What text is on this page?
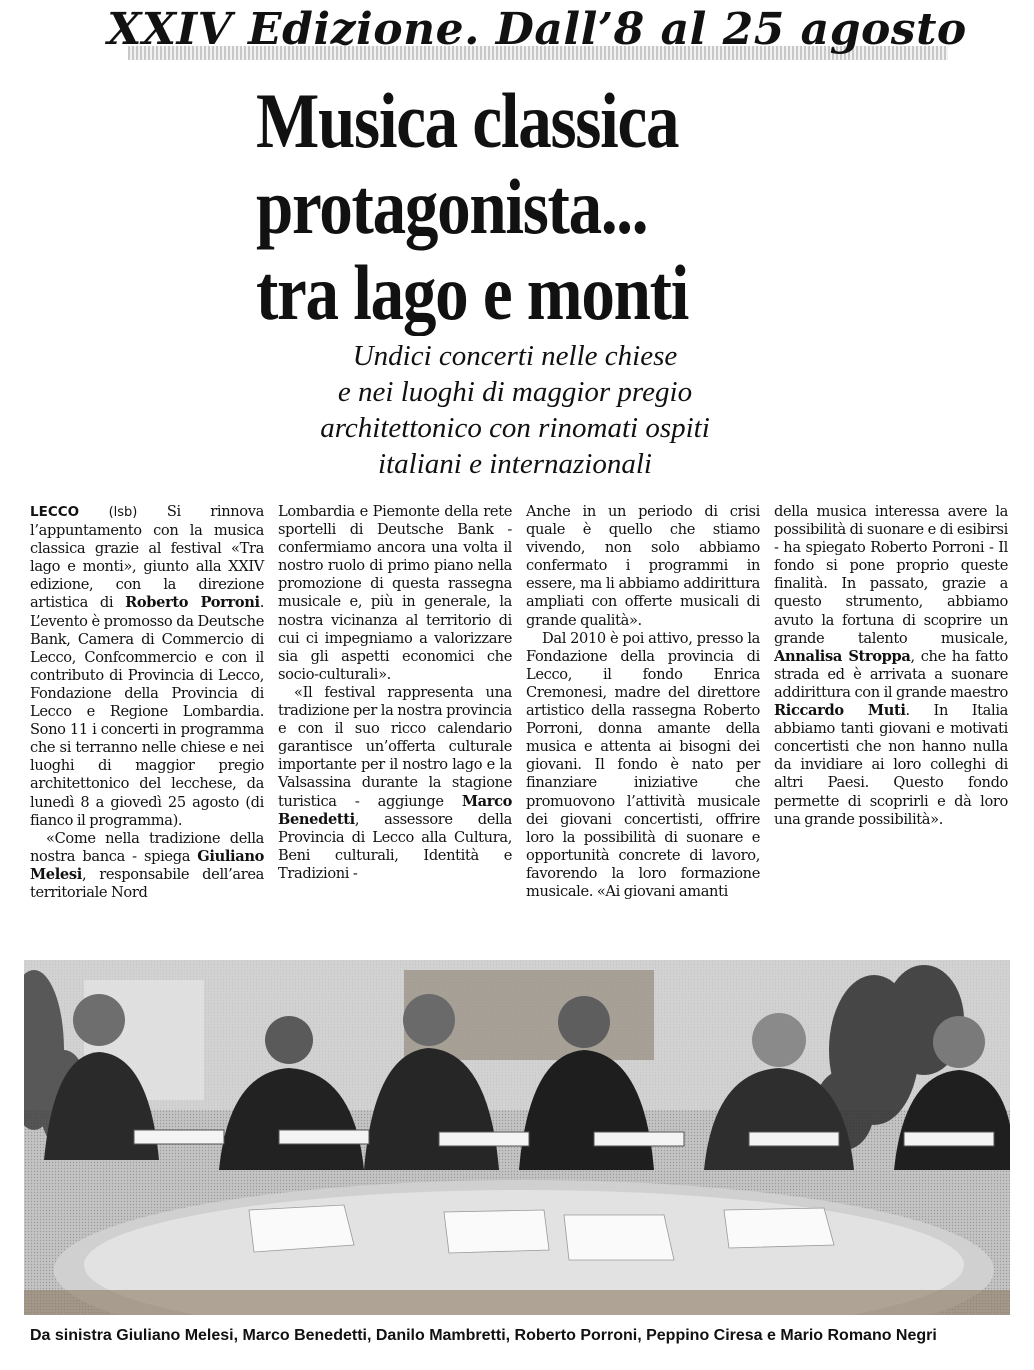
XXIV Edizione. Dall’8 al 25 agosto
Musica classica
protagonista...
tra lago e monti
Undici concerti nelle chiese
e nei luoghi di maggior pregio
architettonico con rinomati ospiti
italiani e internazionali

LECCO (lsb) Si rinnova l’appuntamento con la musica classica grazie al festival «Tra lago e monti», giunto alla XXIV edizione, con la direzione artistica di Roberto Porroni. L’evento è promosso da Deutsche Bank, Camera di Commercio di Lecco, Confcommercio e con il contributo di Provincia di Lecco, Fondazione della Provincia di Lecco e Regione Lombardia. Sono 11 i concerti in programma che si terranno nelle chiese e nei luoghi di maggior pregio architettonico del lecchese, da lunedì 8 a giovedì 25 agosto (di fianco il programma).

«Come nella tradizione della nostra banca - spiega Giuliano Melesi, responsabile dell’area territoriale Nord

Lombardia e Piemonte della rete sportelli di Deutsche Bank - confermiamo ancora una volta il nostro ruolo di primo piano nella promozione di questa rassegna musicale e, più in generale, la nostra vicinanza al territorio di cui ci impegniamo a valorizzare sia gli aspetti economici che socio-culturali».

«Il festival rappresenta una tradizione per la nostra provincia e con il suo ricco calendario garantisce un’offerta culturale importante per il nostro lago e la Valsassina durante la stagione turistica - aggiunge Marco Benedetti, assessore della Provincia di Lecco alla Cultura, Beni culturali, Identità e Tradizioni -

Anche in un periodo di crisi quale è quello che stiamo vivendo, non solo abbiamo confermato i programmi in essere, ma li abbiamo addirittura ampliati con offerte musicali di grande qualità».

Dal 2010 è poi attivo, presso la Fondazione della provincia di Lecco, il fondo Enrica Cremonesi, madre del direttore artistico della rassegna Roberto Porroni, donna amante della musica e attenta ai bisogni dei giovani. Il fondo è nato per finanziare iniziative che promuovono l’attività musicale dei giovani concertisti, offrire loro la possibilità di suonare e opportunità concrete di lavoro, favorendo la loro formazione musicale. «Ai giovani amanti

della musica interessa avere la possibilità di suonare e di esibirsi - ha spiegato Roberto Porroni - Il fondo si pone proprio queste finalità. In passato, grazie a questo strumento, abbiamo avuto la fortuna di scoprire un grande talento musicale, Annalisa Stroppa, che ha fatto strada ed è arrivata a suonare addirittura con il grande maestro Riccardo Muti. In Italia abbiamo tanti giovani e motivati concertisti che non hanno nulla da invidiare ai loro colleghi di altri Paesi. Questo fondo permette di scoprirli e dà loro una grande possibilità».

Da sinistra Giuliano Melesi, Marco Benedetti, Danilo Mambretti, Roberto Porroni, Peppino Ciresa e Mario Romano Negri
